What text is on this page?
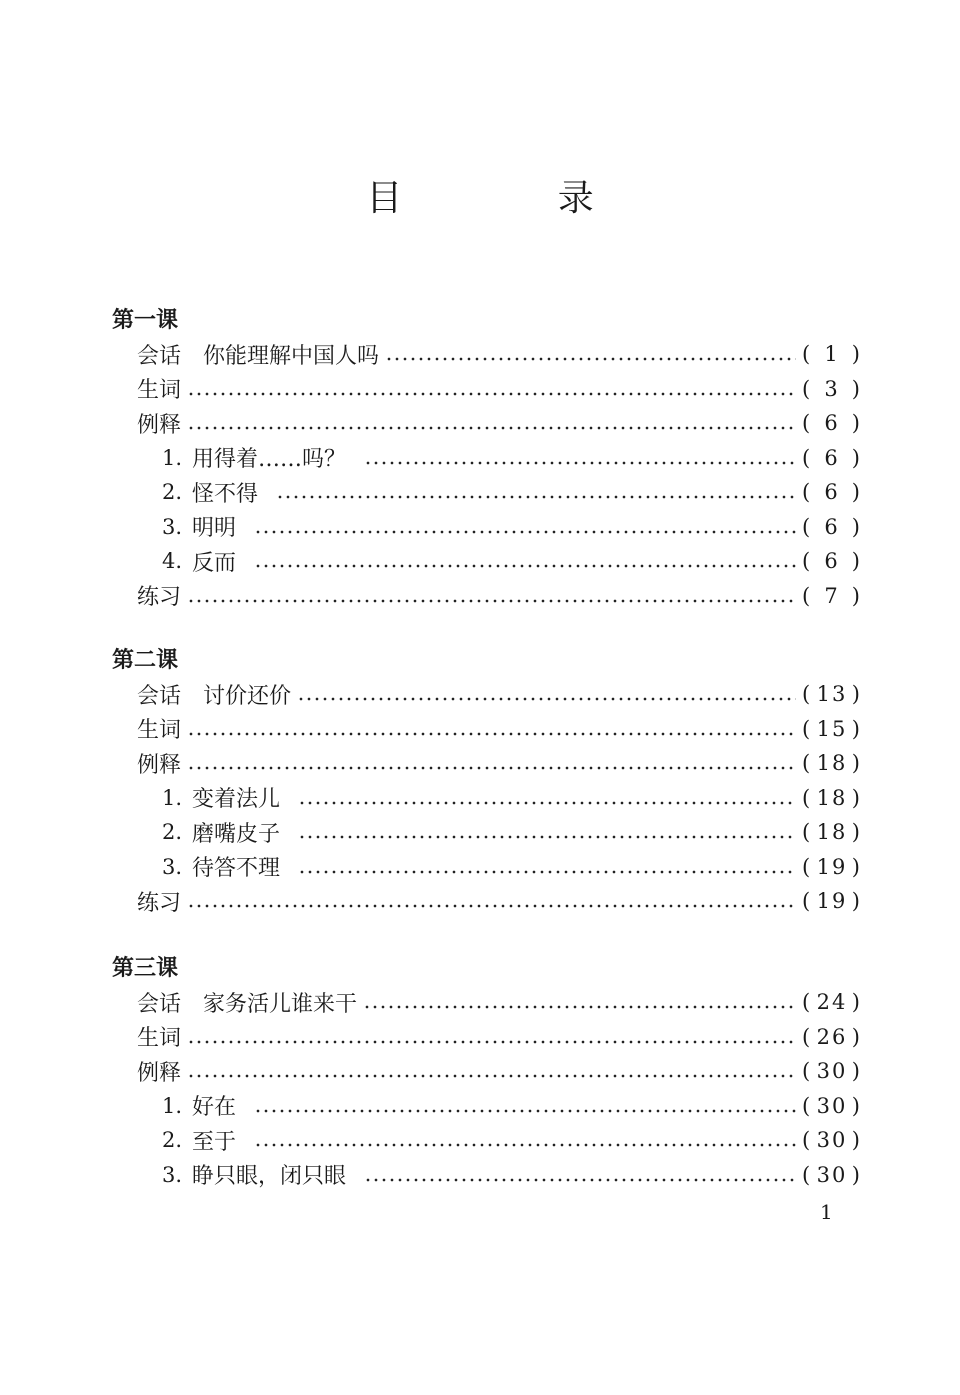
目 录
第一课
会话 你能理解中国人吗	( 1 )
生词	( 3 )
例释	( 6 )
1. 用得着……吗？	( 6 )
2. 怪不得	( 6 )
3. 明明	( 6 )
4. 反而	( 6 )
练习	( 7 )
第二课
会话 讨价还价	( 13 )
生词	( 15 )
例释	( 18 )
1. 变着法儿	( 18 )
2. 磨嘴皮子	( 18 )
3. 待答不理	( 19 )
练习	( 19 )
第三课
会话 家务活儿谁来干	( 24 )
生词	( 26 )
例释	( 30 )
1. 好在	( 30 )
2. 至于	( 30 )
3. 睁只眼，闭只眼	( 30 )
1
